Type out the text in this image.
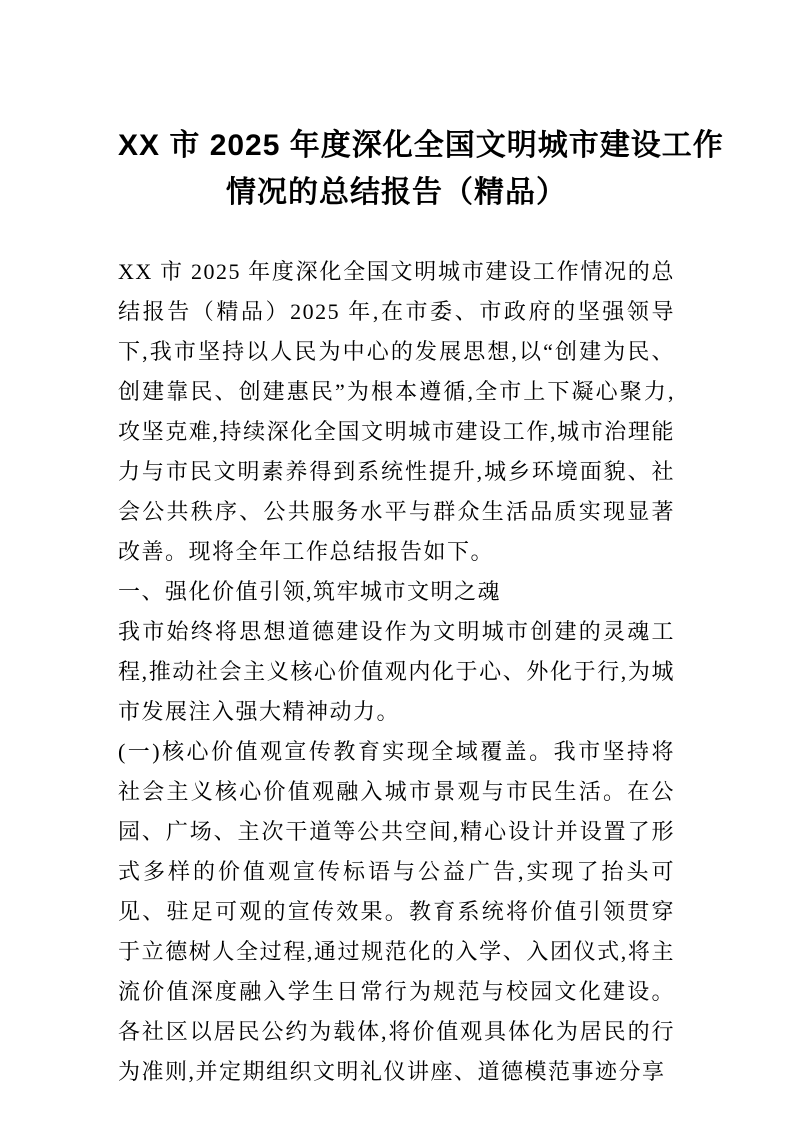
XX 市 2025 年度深化全国文明城市建设工作
情况的总结报告（精品）

XX 市 2025 年度深化全国文明城市建设工作情况的总结报告（精品）2025 年,在市委、市政府的坚强领导下,我市坚持以人民为中心的发展思想,以“创建为民、创建靠民、创建惠民”为根本遵循,全市上下凝心聚力,攻坚克难,持续深化全国文明城市建设工作,城市治理能力与市民文明素养得到系统性提升,城乡环境面貌、社会公共秩序、公共服务水平与群众生活品质实现显著改善。现将全年工作总结报告如下。

一、强化价值引领,筑牢城市文明之魂

我市始终将思想道德建设作为文明城市创建的灵魂工程,推动社会主义核心价值观内化于心、外化于行,为城市发展注入强大精神动力。

(一)核心价值观宣传教育实现全域覆盖。我市坚持将社会主义核心价值观融入城市景观与市民生活。在公园、广场、主次干道等公共空间,精心设计并设置了形式多样的价值观宣传标语与公益广告,实现了抬头可见、驻足可观的宣传效果。教育系统将价值引领贯穿于立德树人全过程,通过规范化的入学、入团仪式,将主流价值深度融入学生日常行为规范与校园文化建设。各社区以居民公约为载体,将价值观具体化为居民的行为准则,并定期组织文明礼仪讲座、道德模范事迹分享
